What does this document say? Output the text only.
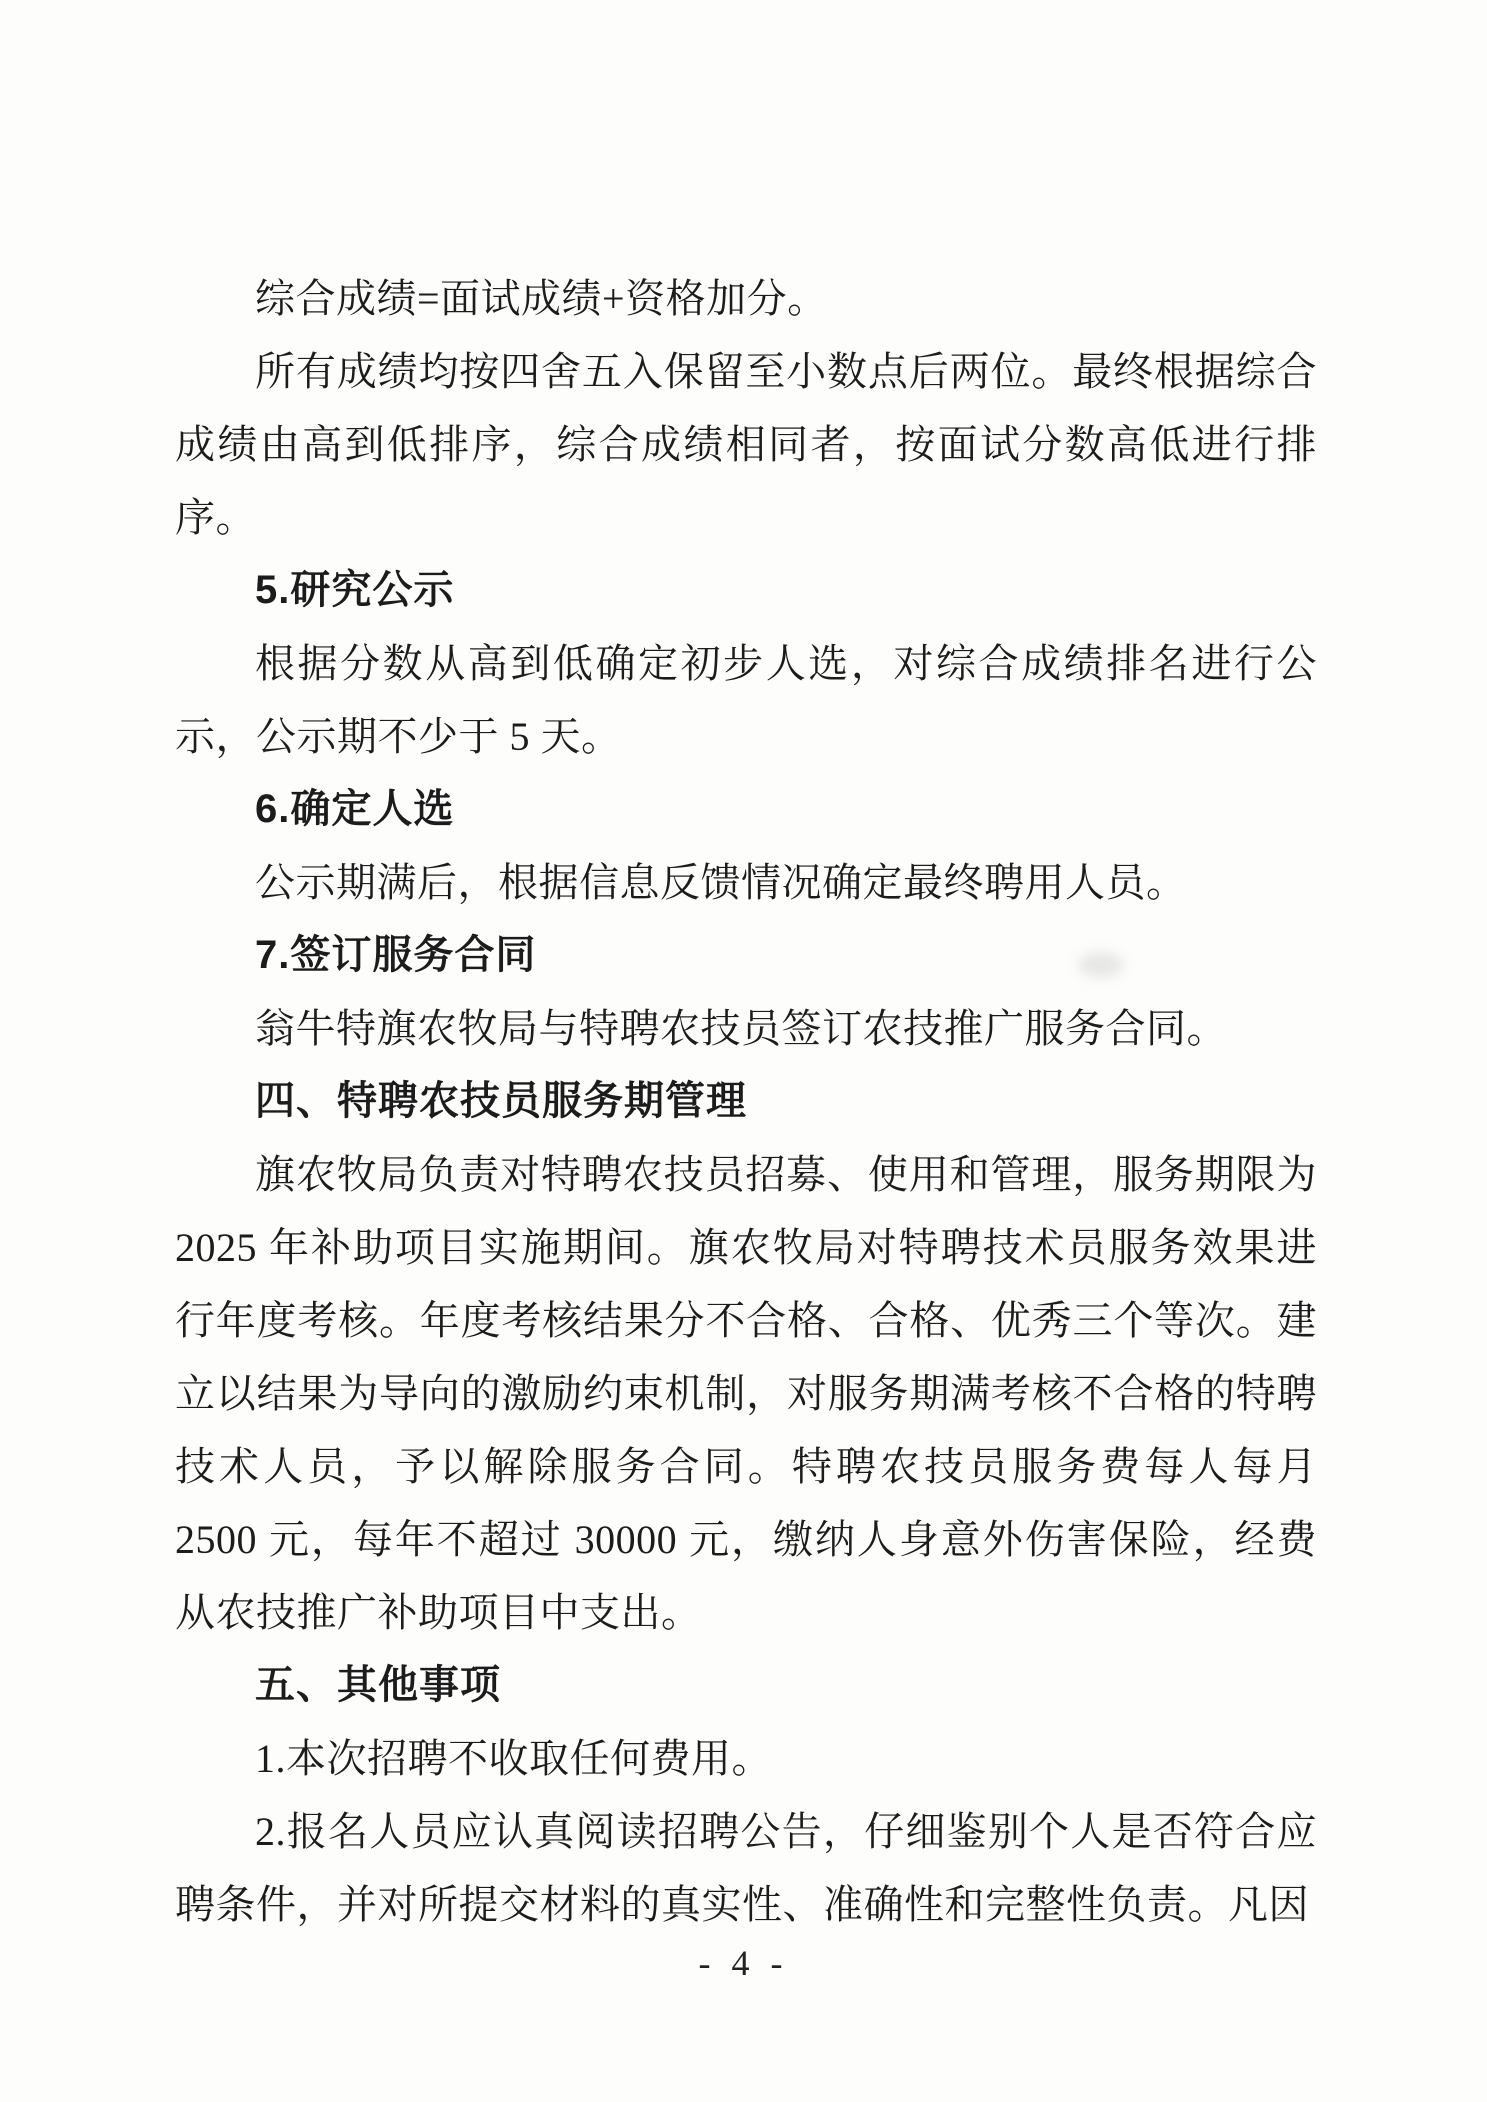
综合成绩=面试成绩+资格加分。

所有成绩均按四舍五入保留至小数点后两位。最终根据综合成绩由高到低排序，综合成绩相同者，按面试分数高低进行排序。

5.研究公示

根据分数从高到低确定初步人选，对综合成绩排名进行公示，公示期不少于 5 天。

6.确定人选

公示期满后，根据信息反馈情况确定最终聘用人员。

7.签订服务合同

翁牛特旗农牧局与特聘农技员签订农技推广服务合同。

四、特聘农技员服务期管理

旗农牧局负责对特聘农技员招募、使用和管理，服务期限为 2025 年补助项目实施期间。旗农牧局对特聘技术员服务效果进行年度考核。年度考核结果分不合格、合格、优秀三个等次。建立以结果为导向的激励约束机制，对服务期满考核不合格的特聘技术人员，予以解除服务合同。特聘农技员服务费每人每月 2500 元，每年不超过 30000 元，缴纳人身意外伤害保险，经费从农技推广补助项目中支出。

五、其他事项

1.本次招聘不收取任何费用。

2.报名人员应认真阅读招聘公告，仔细鉴别个人是否符合应聘条件，并对所提交材料的真实性、准确性和完整性负责。凡因

- 4 -
